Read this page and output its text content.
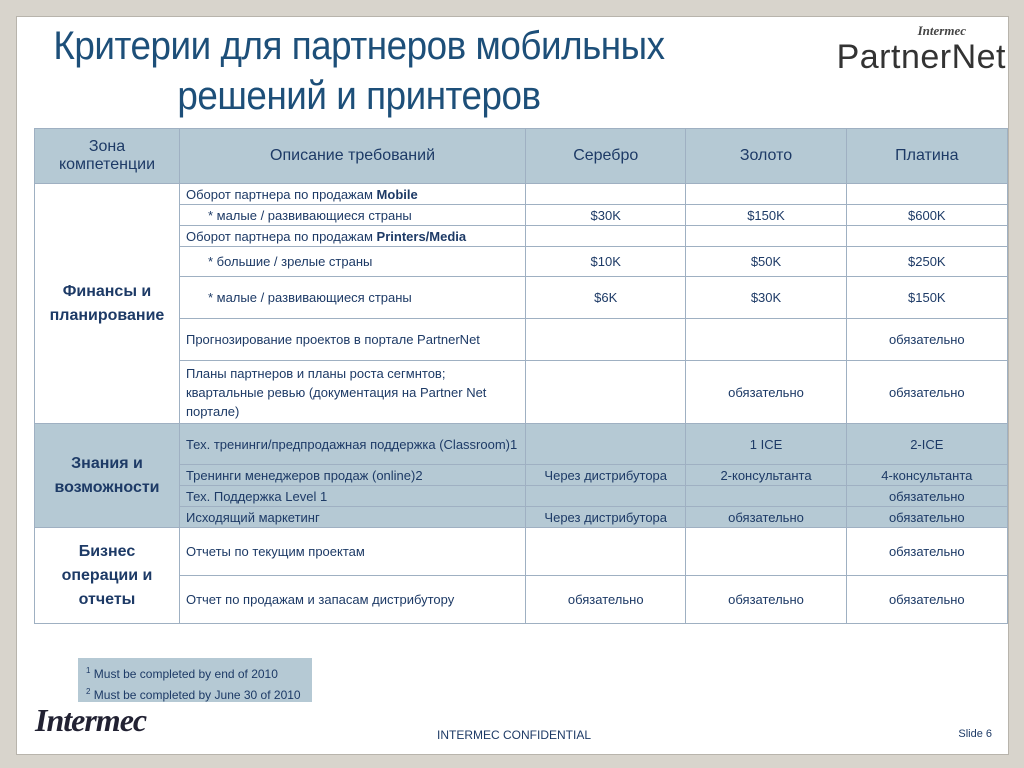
Критерии для партнеров мобильных
решений и принтеров
Intermec
PartnerNet
Зона компетенции	Описание требований	Серебро	Золото	Платина
Финансы и планирование	Оборот партнера по продажам Mobile			
	* малые / развивающиеся страны	$30K	$150K	$600K
	Оборот партнера по продажам Printers/Media			
	* большие / зрелые страны	$10K	$50K	$250K
	* малые / развивающиеся страны	$6K	$30K	$150K
	Прогнозирование проектов в портале PartnerNet			обязательно
	Планы партнеров и планы роста сегмнтов; квартальные ревью (документация на Partner Net портале)		обязательно	обязательно
Знания и возможности	Тех. тренинги/предпродажная поддержка (Classroom)1		1 ICE	2-ICE
	Тренинги менеджеров продаж (online)2	Через дистрибутора	2-консультанта	4-консультанта
	Тех. Поддержка Level 1			обязательно
	Исходящий маркетинг	Через дистрибутора	обязательно	обязательно
Бизнес операции и отчеты	Отчеты по текущим проектам			обязательно
	Отчет по продажам и запасам дистрибутору	обязательно	обязательно	обязательно
$^1$ Must be completed by end of 2010
$^2$ Must be completed by June 30 of 2010
Intermec	INTERMEC CONFIDENTIAL	Slide 6
